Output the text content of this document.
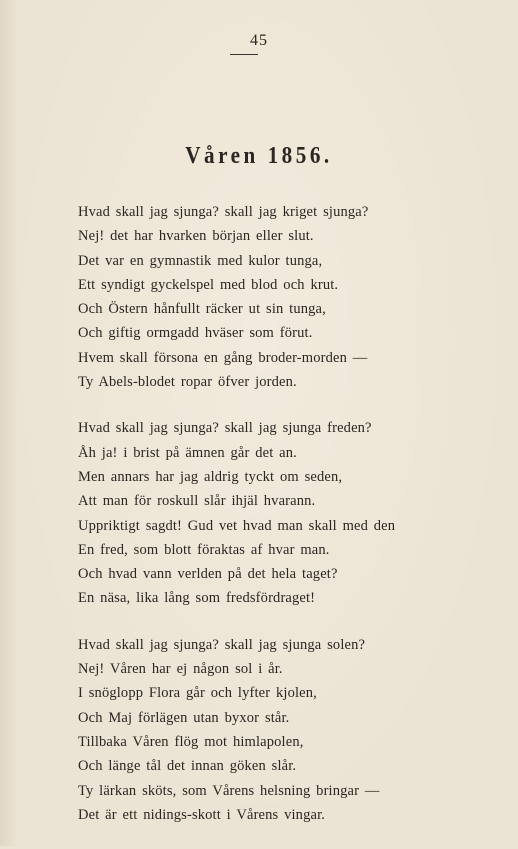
45
Våren 1856.
Hvad skall jag sjunga? skall jag kriget sjunga?
Nej! det har hvarken början eller slut.
Det var en gymnastik med kulor tunga,
Ett syndigt gyckelspel med blod och krut.
Och Östern hånfullt räcker ut sin tunga,
Och giftig ormgadd hväser som förut.
Hvem skall försona en gång broder-morden —
Ty Abels-blodet ropar öfver jorden.
Hvad skall jag sjunga? skall jag sjunga freden?
Åh ja! i brist på ämnen går det an.
Men annars har jag aldrig tyckt om seden,
Att man för roskull slår ihjäl hvarann.
Uppriktigt sagdt! Gud vet hvad man skall med den
En fred, som blott föraktas af hvar man.
Och hvad vann verlden på det hela taget?
En näsa, lika lång som fredsfördraget!
Hvad skall jag sjunga? skall jag sjunga solen?
Nej! Våren har ej någon sol i år.
I snöglopp Flora går och lyfter kjolen,
Och Maj förlägen utan byxor står.
Tillbaka Våren flög mot himlapolen,
Och länge tål det innan göken slår.
Ty lärkan sköts, som Vårens helsning bringar —
Det är ett nidings-skott i Vårens vingar.
